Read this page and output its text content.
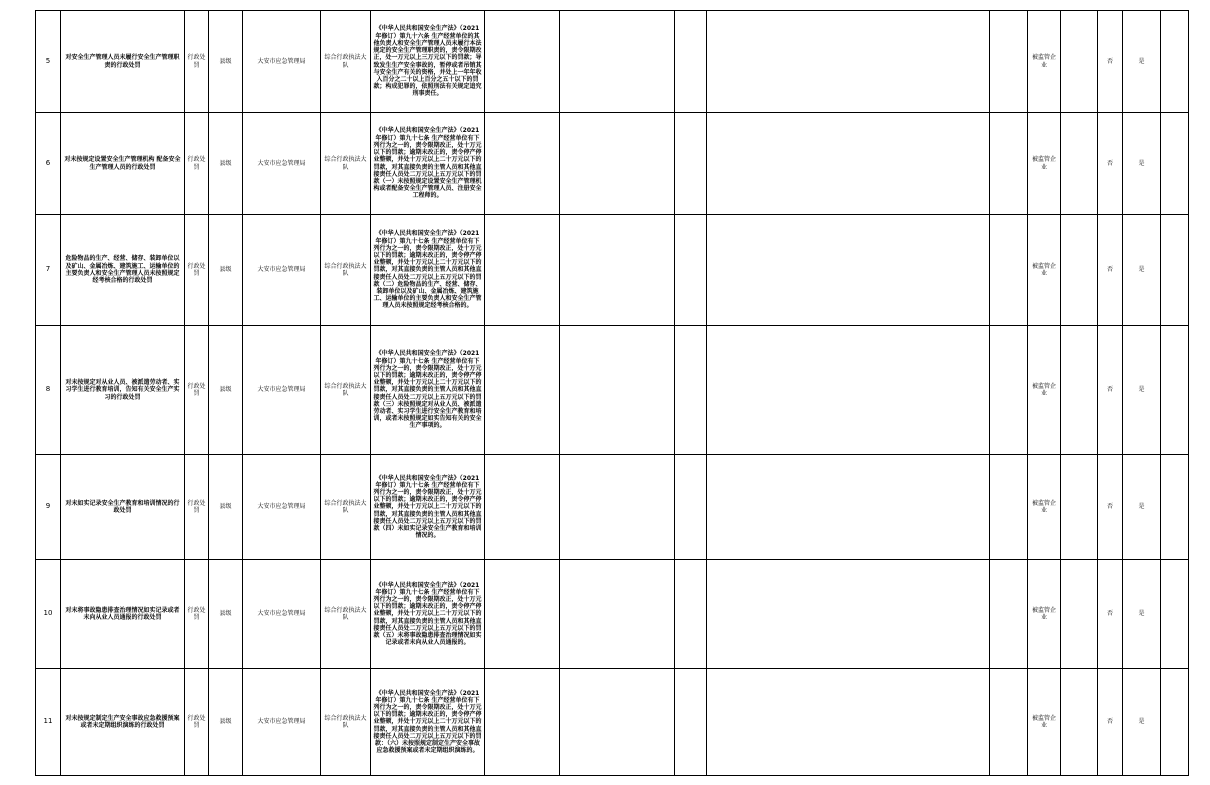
5	对安全生产管理人员未履行安全生产管理职责的行政处罚	行政处罚	县级	大安市应急管理局	综合行政执法大队	《中华人民共和国安全生产法》（2021年修订）第九十六条 生产经营单位的其他负责人和安全生产管理人员未履行本法规定的安全生产管理职责的，责令限期改正，处一万元以上三万元以下的罚款；导致发生生产安全事故的，暂停或者吊销其与安全生产有关的资格，并处上一年年收入百分之二十以上百分之五十以下的罚款；构成犯罪的，依照刑法有关规定追究刑事责任。						被监管企业		否	是	
6	对未按规定设置安全生产管理机构 配备安全生产管理人员的行政处罚	行政处罚	县级	大安市应急管理局	综合行政执法大队	《中华人民共和国安全生产法》（2021年修订）第九十七条 生产经营单位有下列行为之一的，责令限期改正，处十万元以下的罚款；逾期未改正的，责令停产停业整顿，并处十万元以上二十万元以下的罚款，对其直接负责的主管人员和其他直接责任人员处二万元以上五万元以下的罚款（一）未按照规定设置安全生产管理机构或者配备安全生产管理人员、注册安全工程师的。						被监管企业		否	是	
7	危险物品的生产、经营、储存、装卸单位以及矿山、金属冶炼、建筑施工、运输单位的主要负责人和安全生产管理人员未按照规定经考核合格的行政处罚	行政处罚	县级	大安市应急管理局	综合行政执法大队	《中华人民共和国安全生产法》（2021年修订）第九十七条 生产经营单位有下列行为之一的，责令限期改正，处十万元以下的罚款；逾期未改正的，责令停产停业整顿，并处十万元以上二十万元以下的罚款，对其直接负责的主管人员和其他直接责任人员处二万元以上五万元以下的罚款（二）危险物品的生产、经营、储存、装卸单位以及矿山、金属冶炼、建筑施工、运输单位的主要负责人和安全生产管理人员未按照规定经考核合格的。						被监管企业		否	是	
8	对未按规定对从业人员、被派遣劳动者、实习学生进行教育培训，告知有关安全生产实习的行政处罚	行政处罚	县级	大安市应急管理局	综合行政执法大队	《中华人民共和国安全生产法》（2021年修订）第九十七条 生产经营单位有下列行为之一的，责令限期改正，处十万元以下的罚款；逾期未改正的，责令停产停业整顿，并处十万元以上二十万元以下的罚款，对其直接负责的主管人员和其他直接责任人员处二万元以上五万元以下的罚款（三）未按照规定对从业人员、被派遣劳动者、实习学生进行安全生产教育和培训，或者未按照规定如实告知有关的安全生产事项的。						被监管企业		否	是	
9	对未如实记录安全生产教育和培训情况的行政处罚	行政处罚	县级	大安市应急管理局	综合行政执法大队	《中华人民共和国安全生产法》（2021年修订）第九十七条 生产经营单位有下列行为之一的，责令限期改正，处十万元以下的罚款；逾期未改正的，责令停产停业整顿，并处十万元以上二十万元以下的罚款，对其直接负责的主管人员和其他直接责任人员处二万元以上五万元以下的罚款（四）未如实记录安全生产教育和培训情况的。						被监管企业		否	是	
10	对未将事故隐患排查治理情况如实记录或者未向从业人员通报的行政处罚	行政处罚	县级	大安市应急管理局	综合行政执法大队	《中华人民共和国安全生产法》（2021年修订）第九十七条 生产经营单位有下列行为之一的，责令限期改正，处十万元以下的罚款；逾期未改正的，责令停产停业整顿，并处十万元以上二十万元以下的罚款，对其直接负责的主管人员和其他直接责任人员处二万元以上五万元以下的罚款（五）未将事故隐患排查治理情况如实记录或者未向从业人员通报的。						被监管企业		否	是	
11	对未按规定制定生产安全事故应急救援预案或者未定期组织演练的行政处罚	行政处罚	县级	大安市应急管理局	综合行政执法大队	《中华人民共和国安全生产法》（2021年修订）第九十七条 生产经营单位有下列行为之一的，责令限期改正，处十万元以下的罚款；逾期未改正的，责令停产停业整顿，并处十万元以上二十万元以下的罚款，对其直接负责的主管人员和其他直接责任人员处二万元以上五万元以下的罚款：（六）未按照规定制定生产安全事故应急救援预案或者未定期组织演练的。						被监管企业		否	是	
